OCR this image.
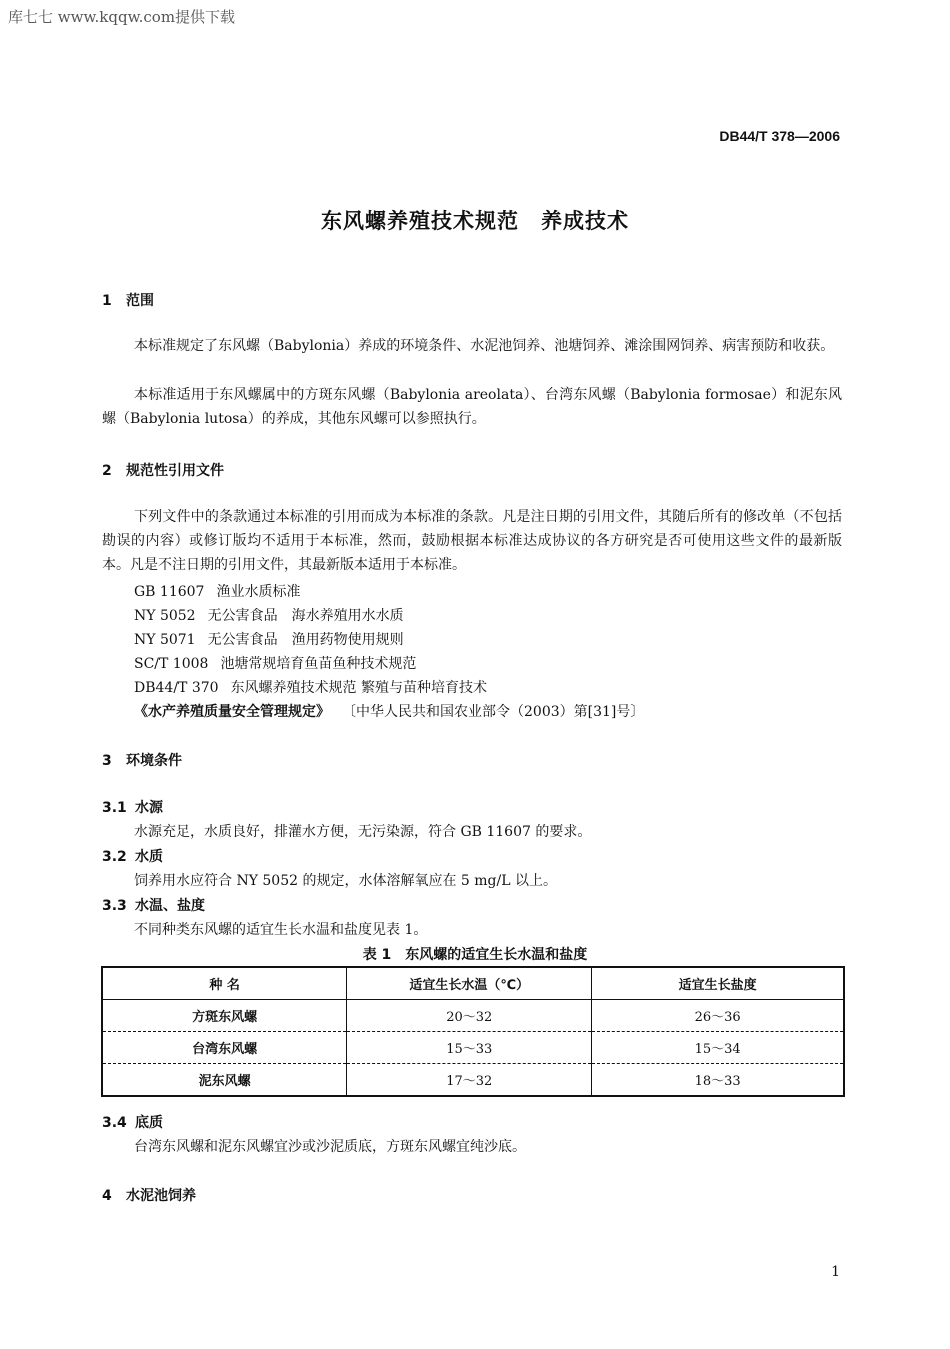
库七七 www.kqqw.com提供下载
DB44/T 378—2006
东风螺养殖技术规范　养成技术
1 范围
本标准规定了东风螺（Babylonia）养成的环境条件、水泥池饲养、池塘饲养、滩涂围网饲养、病害预防和收获。
本标准适用于东风螺属中的方斑东风螺（Babylonia areolata）、台湾东风螺（Babylonia formosae）和泥东风螺（Babylonia lutosa）的养成，其他东风螺可以参照执行。
2 规范性引用文件
下列文件中的条款通过本标准的引用而成为本标准的条款。凡是注日期的引用文件，其随后所有的修改单（不包括勘误的内容）或修订版均不适用于本标准，然而，鼓励根据本标准达成协议的各方研究是否可使用这些文件的最新版本。凡是不注日期的引用文件，其最新版本适用于本标准。
GB 11607 渔业水质标准
NY 5052 无公害食品　海水养殖用水水质
NY 5071 无公害食品　渔用药物使用规则
SC/T 1008 池塘常规培育鱼苗鱼种技术规范
DB44/T 370 东风螺养殖技术规范 繁殖与苗种培育技术
《水产养殖质量安全管理规定》 〔中华人民共和国农业部令（2003）第[31]号〕
3 环境条件
3.1 水源
水源充足，水质良好，排灌水方便，无污染源，符合 GB 11607 的要求。
3.2 水质
饲养用水应符合 NY 5052 的规定，水体溶解氧应在 5 mg/L 以上。
3.3 水温、盐度
不同种类东风螺的适宜生长水温和盐度见表 1。
表 1　东风螺的适宜生长水温和盐度
种 名	适宜生长水温（℃）	适宜生长盐度
方斑东风螺	20～32	26～36
台湾东风螺	15～33	15～34
泥东风螺	17～32	18～33
3.4 底质
台湾东风螺和泥东风螺宜沙或沙泥质底，方斑东风螺宜纯沙底。
4 水泥池饲养
1
